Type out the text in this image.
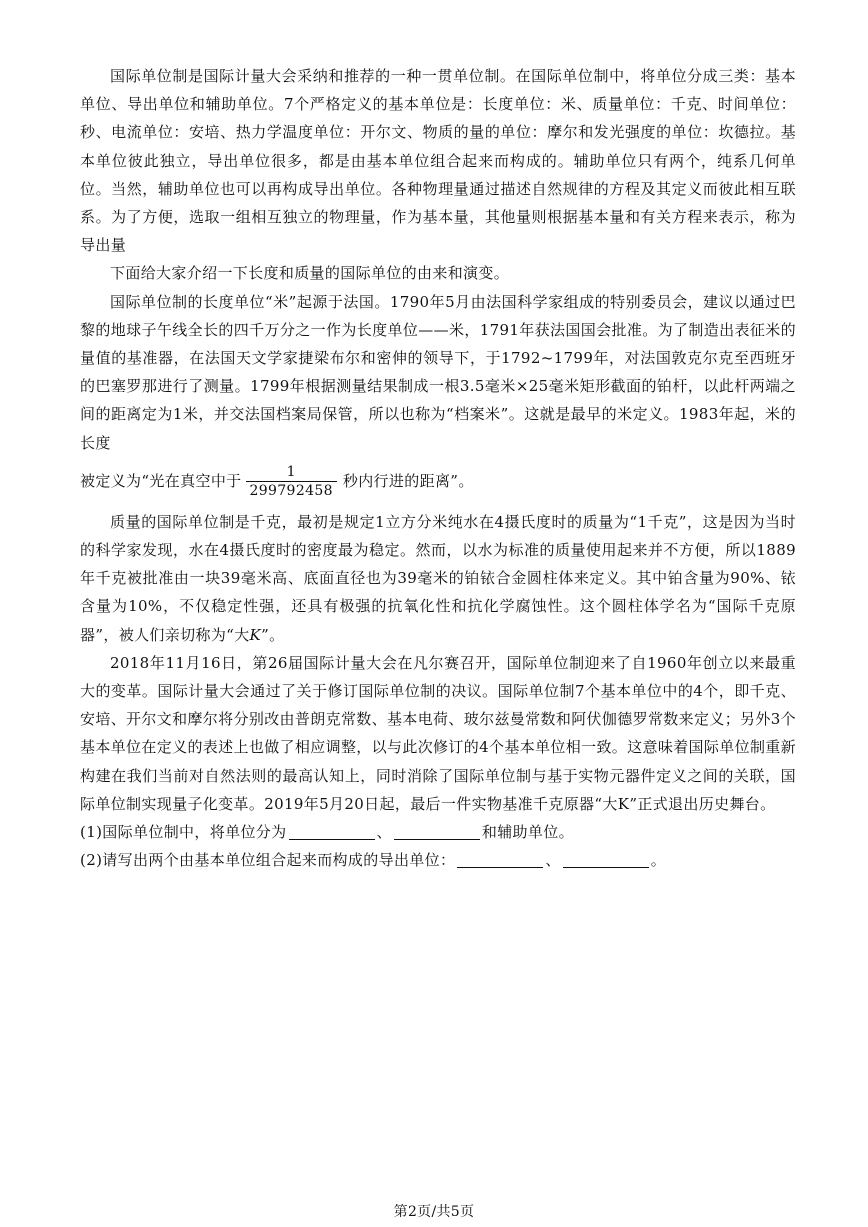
国际单位制是国际计量大会采纳和推荐的一种一贯单位制。在国际单位制中，将单位分成三类：基本单位、导出单位和辅助单位。7个严格定义的基本单位是：长度单位：米、质量单位：千克、时间单位：秒、电流单位：安培、热力学温度单位：开尔文、物质的量的单位：摩尔和发光强度的单位：坎德拉。基本单位彼此独立，导出单位很多，都是由基本单位组合起来而构成的。辅助单位只有两个，纯系几何单位。当然，辅助单位也可以再构成导出单位。各种物理量通过描述自然规律的方程及其定义而彼此相互联系。为了方便，选取一组相互独立的物理量，作为基本量，其他量则根据基本量和有关方程来表示，称为导出量

下面给大家介绍一下长度和质量的国际单位的由来和演变。

国际单位制的长度单位“米”起源于法国。1790年5月由法国科学家组成的特别委员会，建议以通过巴黎的地球子午线全长的四千万分之一作为长度单位——米，1791年获法国国会批准。为了制造出表征米的量值的基准器，在法国天文学家捷梁布尔和密伸的领导下，于1792~1799年，对法国敦克尔克至西班牙的巴塞罗那进行了测量。1799年根据测量结果制成一根3.5毫米×25毫米矩形截面的铂杆，以此杆两端之间的距离定为1米，并交法国档案局保管，所以也称为“档案米”。这就是最早的米定义。1983年起，米的长度

被定义为“光在真空中于 $\frac{1}{299792458}$ 秒内行进的距离”。

质量的国际单位制是千克，最初是规定1立方分米纯水在4摄氏度时的质量为“1千克”，这是因为当时的科学家发现，水在4摄氏度时的密度最为稳定。然而，以水为标准的质量使用起来并不方便，所以1889年千克被批准由一块39毫米高、底面直径也为39毫米的铂铱合金圆柱体来定义。其中铂含量为90%、铱含量为10%，不仅稳定性强，还具有极强的抗氧化性和抗化学腐蚀性。这个圆柱体学名为“国际千克原器”，被人们亲切称为“大K”。

2018年11月16日，第26届国际计量大会在凡尔赛召开，国际单位制迎来了自1960年创立以来最重大的变革。国际计量大会通过了关于修订国际单位制的决议。国际单位制7个基本单位中的4个，即千克、安培、开尔文和摩尔将分别改由普朗克常数、基本电荷、玻尔兹曼常数和阿伏伽德罗常数来定义；另外3个基本单位在定义的表述上也做了相应调整，以与此次修订的4个基本单位相一致。这意味着国际单位制重新构建在我们当前对自然法则的最高认知上，同时消除了国际单位制与基于实物元器件定义之间的关联，国际单位制实现量子化变革。2019年5月20日起，最后一件实物基准千克原器“大K”正式退出历史舞台。

(1)国际单位制中，将单位分为	、	和辅助单位。

(2)请写出两个由基本单位组合起来而构成的导出单位：	、	。

第2页/共5页
